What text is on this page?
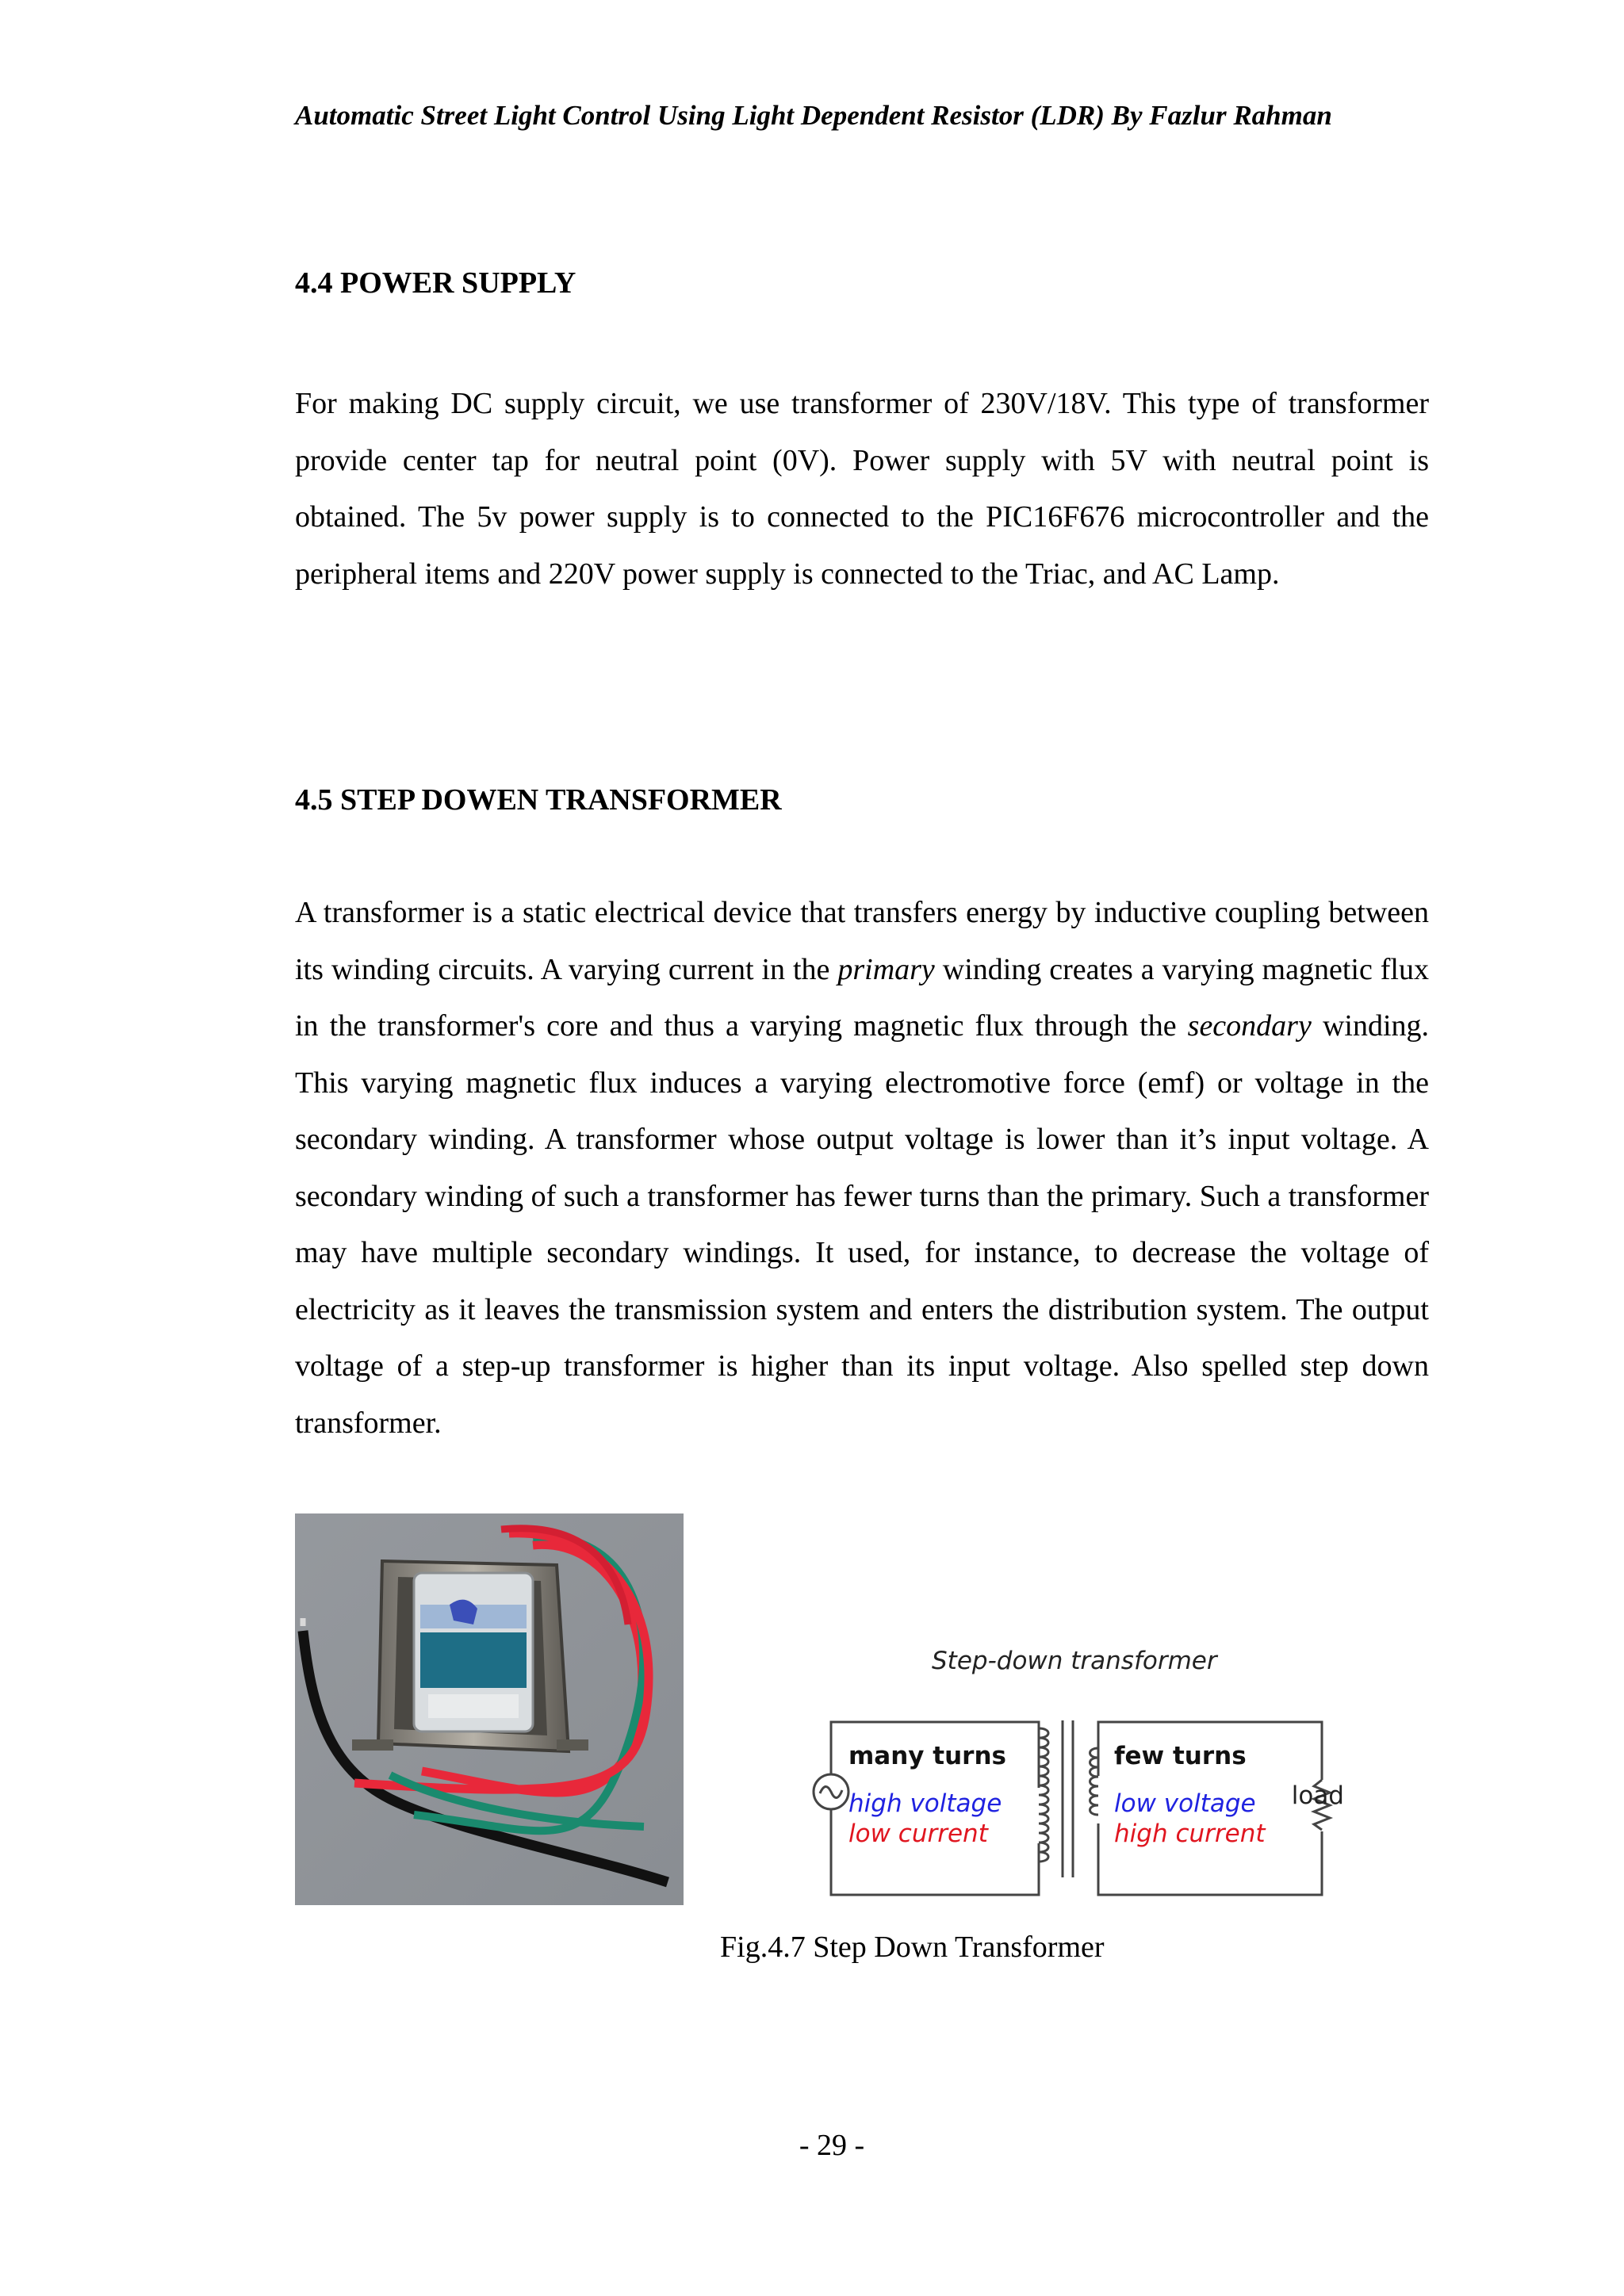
Automatic Street Light Control Using Light Dependent Resistor (LDR) By Fazlur Rahman
4.4 POWER SUPPLY
For making DC supply circuit, we use transformer of 230V/18V. This type of transformer provide center tap for neutral point (0V). Power supply with 5V with neutral point is obtained. The 5v power supply is to connected to the PIC16F676 microcontroller and the peripheral items and 220V power supply is connected to the Triac, and AC Lamp.
4.5 STEP DOWEN TRANSFORMER
A transformer is a static electrical device that transfers energy by inductive coupling between its winding circuits. A varying current in the primary winding creates a varying magnetic flux in the transformer's core and thus a varying magnetic flux through the secondary winding. This varying magnetic flux induces a varying electromotive force (emf) or voltage in the secondary winding. A transformer whose output voltage is lower than it’s input voltage. A secondary winding of such a transformer has fewer turns than the primary. Such a transformer may have multiple secondary windings. It used, for instance, to decrease the voltage of electricity as it leaves the transmission system and enters the distribution system. The output voltage of a step-up transformer is higher than its input voltage. Also spelled step down transformer.
Step-down transformer
many turns
high voltage
low current
few turns
low voltage
high current
load
Fig.4.7 Step Down Transformer
- 29 -
